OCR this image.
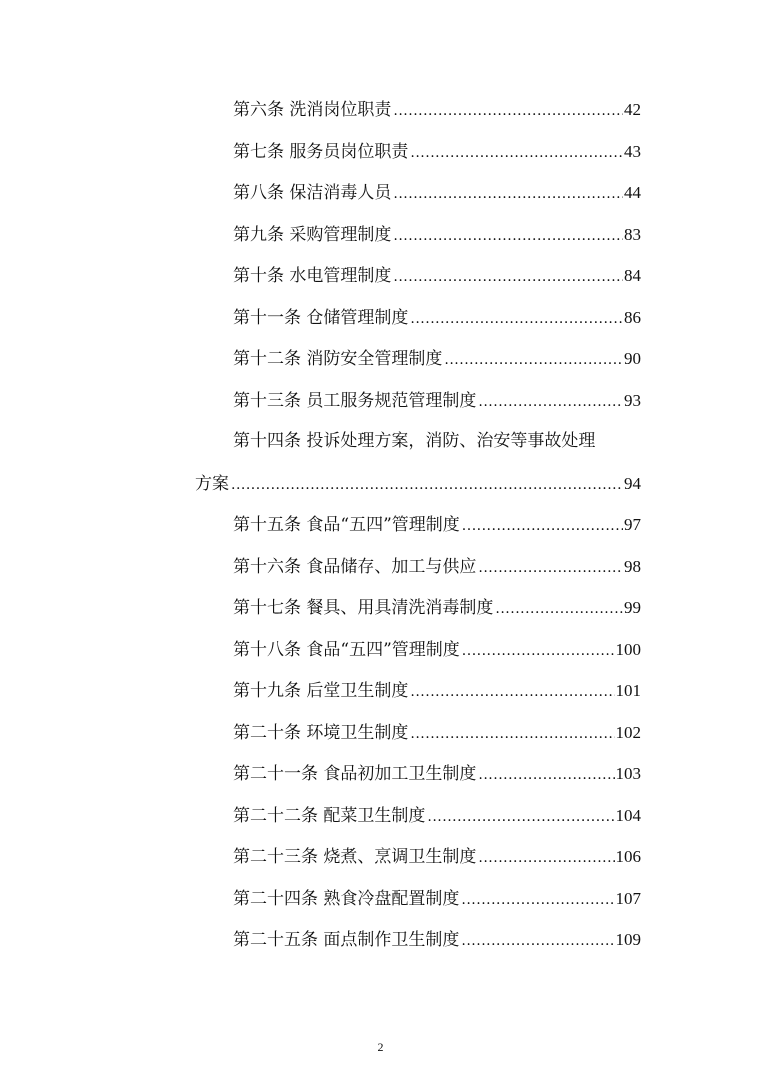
第六条 洗消岗位职责 .....	42
第七条 服务员岗位职责 .....	43
第八条 保洁消毒人员 .....	44
第九条 采购管理制度 .....	83
第十条 水电管理制度 .....	84
第十一条 仓储管理制度 .....	86
第十二条 消防安全管理制度 .....	90
第十三条 员工服务规范管理制度 .....	93
第十四条 投诉处理方案，消防、治安等事故处理
方案 .....	94
第十五条 食品“五四”管理制度 .....	97
第十六条 食品储存、加工与供应 .....	98
第十七条 餐具、用具清洗消毒制度 .....	99
第十八条 食品“五四”管理制度 .....	100
第十九条 后堂卫生制度 .....	101
第二十条 环境卫生制度 .....	102
第二十一条 食品初加工卫生制度 .....	103
第二十二条 配菜卫生制度 .....	104
第二十三条 烧煮、烹调卫生制度 .....	106
第二十四条 熟食冷盘配置制度 .....	107
第二十五条 面点制作卫生制度 .....	109
2
